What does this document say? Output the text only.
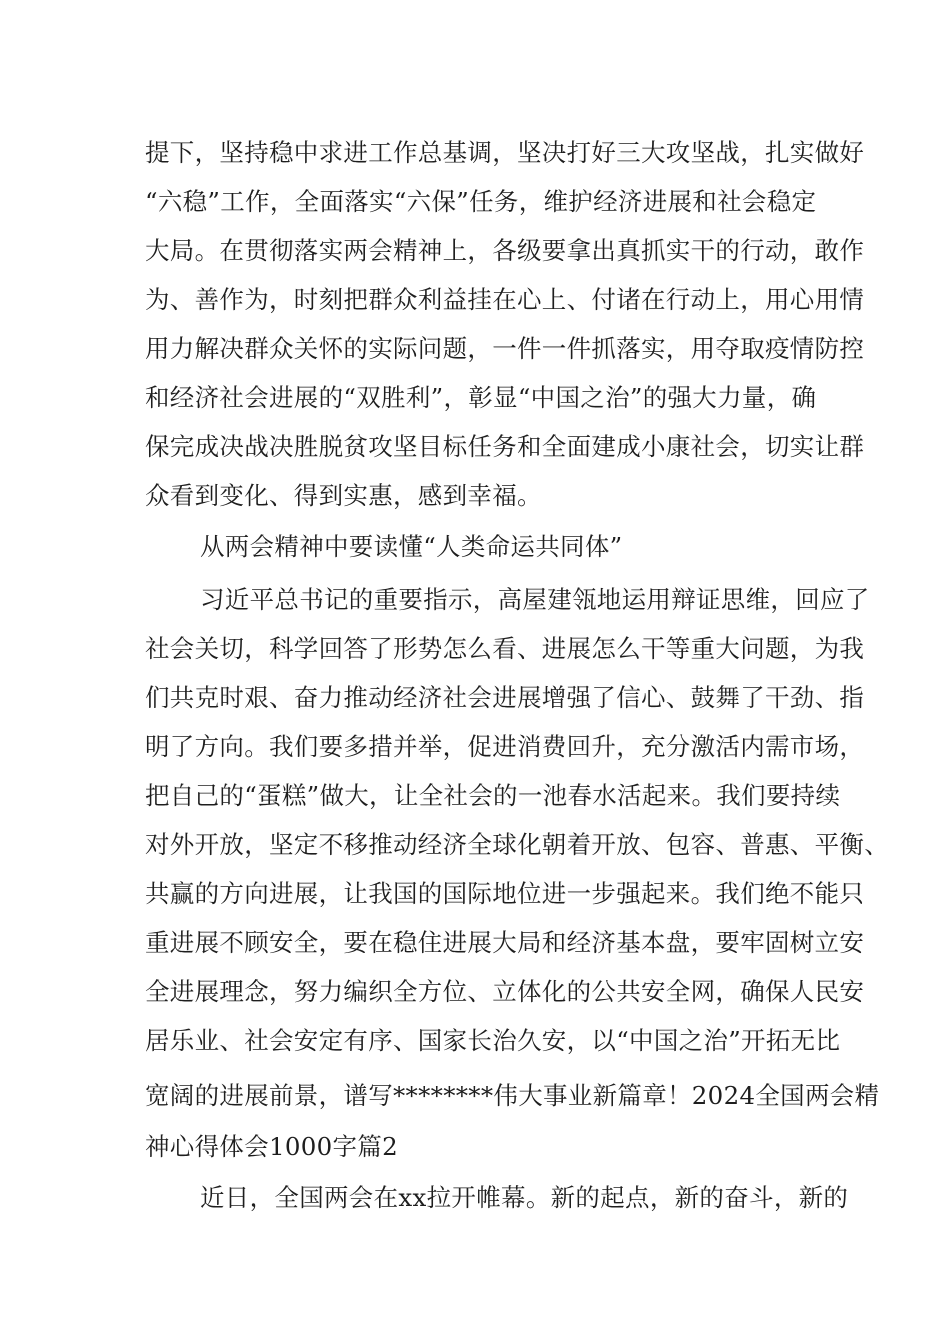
提下，坚持稳中求进工作总基调，坚决打好三大攻坚战，扎实做好
“六稳”工作，全面落实“六保”任务，维护经济进展和社会稳定
大局。在贯彻落实两会精神上，各级要拿出真抓实干的行动，敢作
为、善作为，时刻把群众利益挂在心上、付诸在行动上，用心用情
用力解决群众关怀的实际问题，一件一件抓落实，用夺取疫情防控
和经济社会进展的“双胜利”，彰显“中国之治”的强大力量，确
保完成决战决胜脱贫攻坚目标任务和全面建成小康社会，切实让群
众看到变化、得到实惠，感到幸福。
从两会精神中要读懂“人类命运共同体”
习近平总书记的重要指示，高屋建瓴地运用辩证思维，回应了
社会关切，科学回答了形势怎么看、进展怎么干等重大问题，为我
们共克时艰、奋力推动经济社会进展增强了信心、鼓舞了干劲、指
明了方向。我们要多措并举，促进消费回升，充分激活内需市场，
把自己的“蛋糕”做大，让全社会的一池春水活起来。我们要持续
对外开放，坚定不移推动经济全球化朝着开放、包容、普惠、平衡、
共赢的方向进展，让我国的国际地位进一步强起来。我们绝不能只
重进展不顾安全，要在稳住进展大局和经济基本盘，要牢固树立安
全进展理念，努力编织全方位、立体化的公共安全网，确保人民安
居乐业、社会安定有序、国家长治久安，以“中国之治”开拓无比
宽阔的进展前景，谱写********伟大事业新篇章！2024全国两会精
神心得体会1000字篇2
近日，全国两会在xx拉开帷幕。新的起点，新的奋斗，新的
